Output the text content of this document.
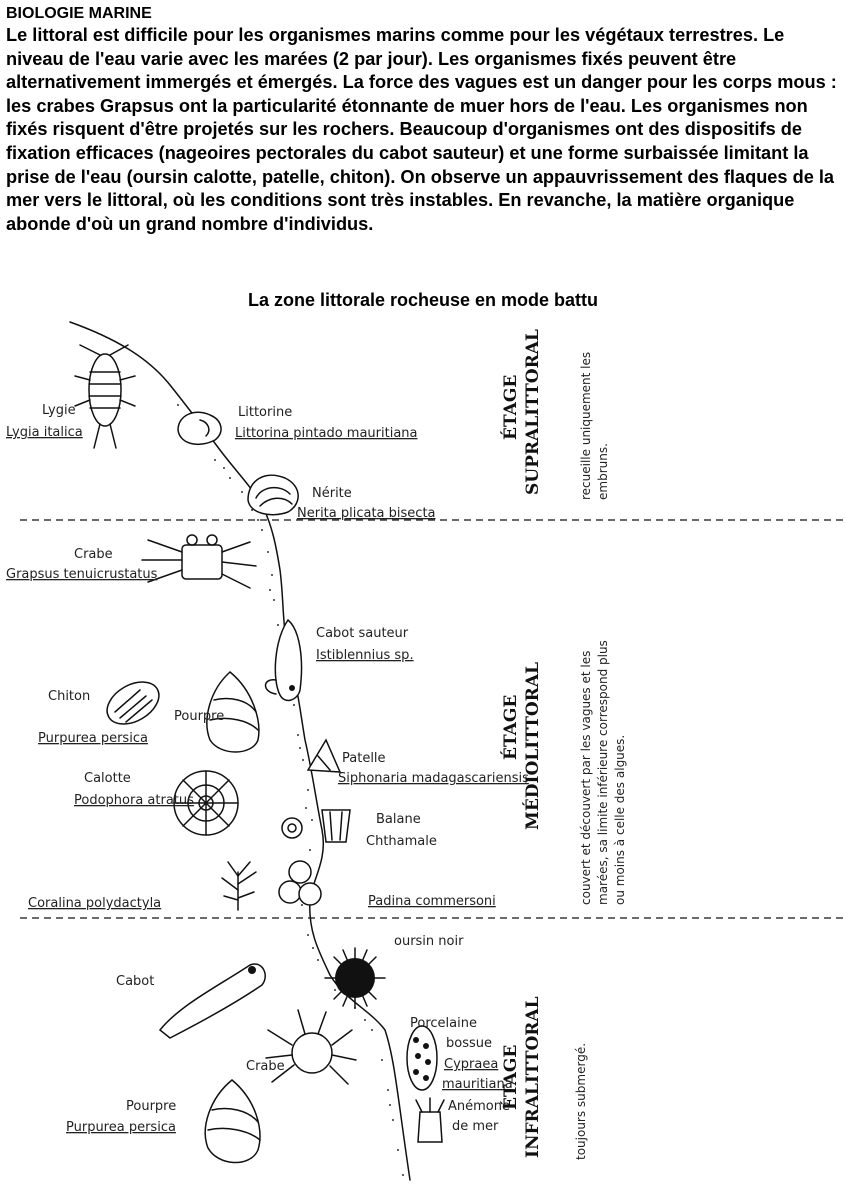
BIOLOGIE MARINE

Le littoral est difficile pour les organismes marins comme pour les végétaux terrestres. Le niveau de l'eau varie avec les marées (2 par jour). Les organismes fixés peuvent être alternativement immergés et émergés. La force des vagues est un danger pour les corps mous : les crabes Grapsus ont la particularité étonnante de muer hors de l'eau. Les organismes non fixés risquent d'être projetés sur les rochers. Beaucoup d'organismes ont des dispositifs de fixation efficaces (nageoires pectorales du cabot sauteur) et une forme surbaissée limitant la prise de l'eau (oursin calotte, patelle, chiton). On observe un appauvrissement des flaques de la mer vers le littoral, où les conditions sont très instables. En revanche, la matière organique abonde d'où un grand nombre d'individus.

La zone littorale rocheuse en mode battu
Lygie
Lygia italica
Littorine
Littorina pintado mauritiana
Nérite
Nerita plicata bisecta
Crabe
Grapsus tenuicrustatus
Cabot sauteur
Istiblennius sp.
Chiton
Pourpre
Purpurea persica
Calotte
Podophora atratus
Patelle
Siphonaria madagascariensis
Balane
Chthamale
Coralina polydactyla	Padina commersoni
oursin noir
Cabot
Crabe
Porcelaine
bossue
Cypraea
mauritiana
Anémone
de mer
Pourpre
Purpurea persica
ÉTAGE SUPRALITTORAL	recueille uniquement les embruns.
ÉTAGE MÉDIOLITTORAL	couvert et découvert par les vagues et les marées, sa limite inférieure correspond plus ou moins à celle des algues.
ÉTAGE INFRALITTORAL	toujours submergé.
